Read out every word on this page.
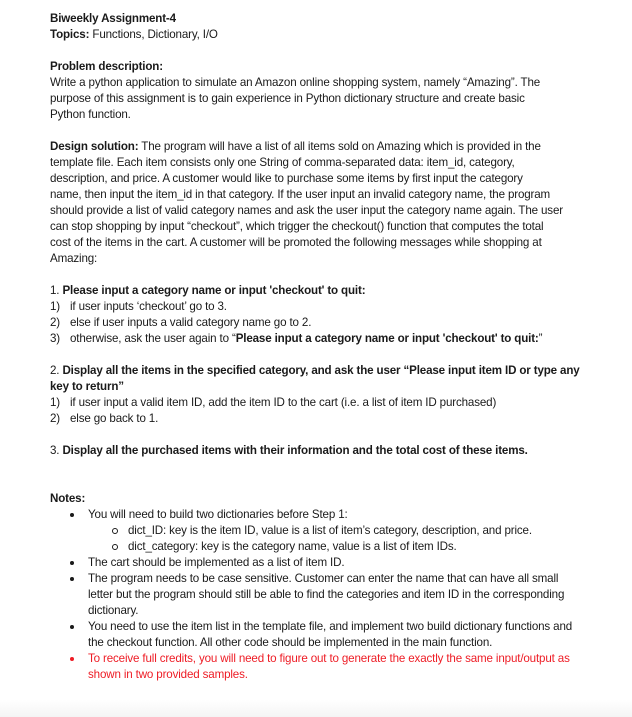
Biweekly Assignment-4
Topics: Functions, Dictionary, I/O
Problem description:
Write a python application to simulate an Amazon online shopping system, namely “Amazing”. The
purpose of this assignment is to gain experience in Python dictionary structure and create basic
Python function.
Design solution: The program will have a list of all items sold on Amazing which is provided in the
template file. Each item consists only one String of comma-separated data: item_id, category,
description, and price. A customer would like to purchase some items by first input the category
name, then input the item_id in that category. If the user input an invalid category name, the program
should provide a list of valid category names and ask the user input the category name again. The user
can stop shopping by input “checkout”, which trigger the checkout() function that computes the total
cost of the items in the cart. A customer will be promoted the following messages while shopping at
Amazing:
1. Please input a category name or input 'checkout' to quit:
1) if user inputs ‘checkout’ go to 3.
2) else if user inputs a valid category name go to 2.
3) otherwise, ask the user again to “Please input a category name or input 'checkout' to quit:”
2. Display all the items in the specified category, and ask the user “Please input item ID or type any
key to return”
1) if user input a valid item ID, add the item ID to the cart (i.e. a list of item ID purchased)
2) else go back to 1.
3. Display all the purchased items with their information and the total cost of these items.
Notes:
You will need to build two dictionaries before Step 1:
dict_ID: key is the item ID, value is a list of item’s category, description, and price.
dict_category: key is the category name, value is a list of item IDs.
The cart should be implemented as a list of item ID.
The program needs to be case sensitive. Customer can enter the name that can have all small letter but the program should still be able to find the categories and item ID in the corresponding dictionary.
You need to use the item list in the template file, and implement two build dictionary functions and the checkout function. All other code should be implemented in the main function.
To receive full credits, you will need to figure out to generate the exactly the same input/output as shown in two provided samples.
